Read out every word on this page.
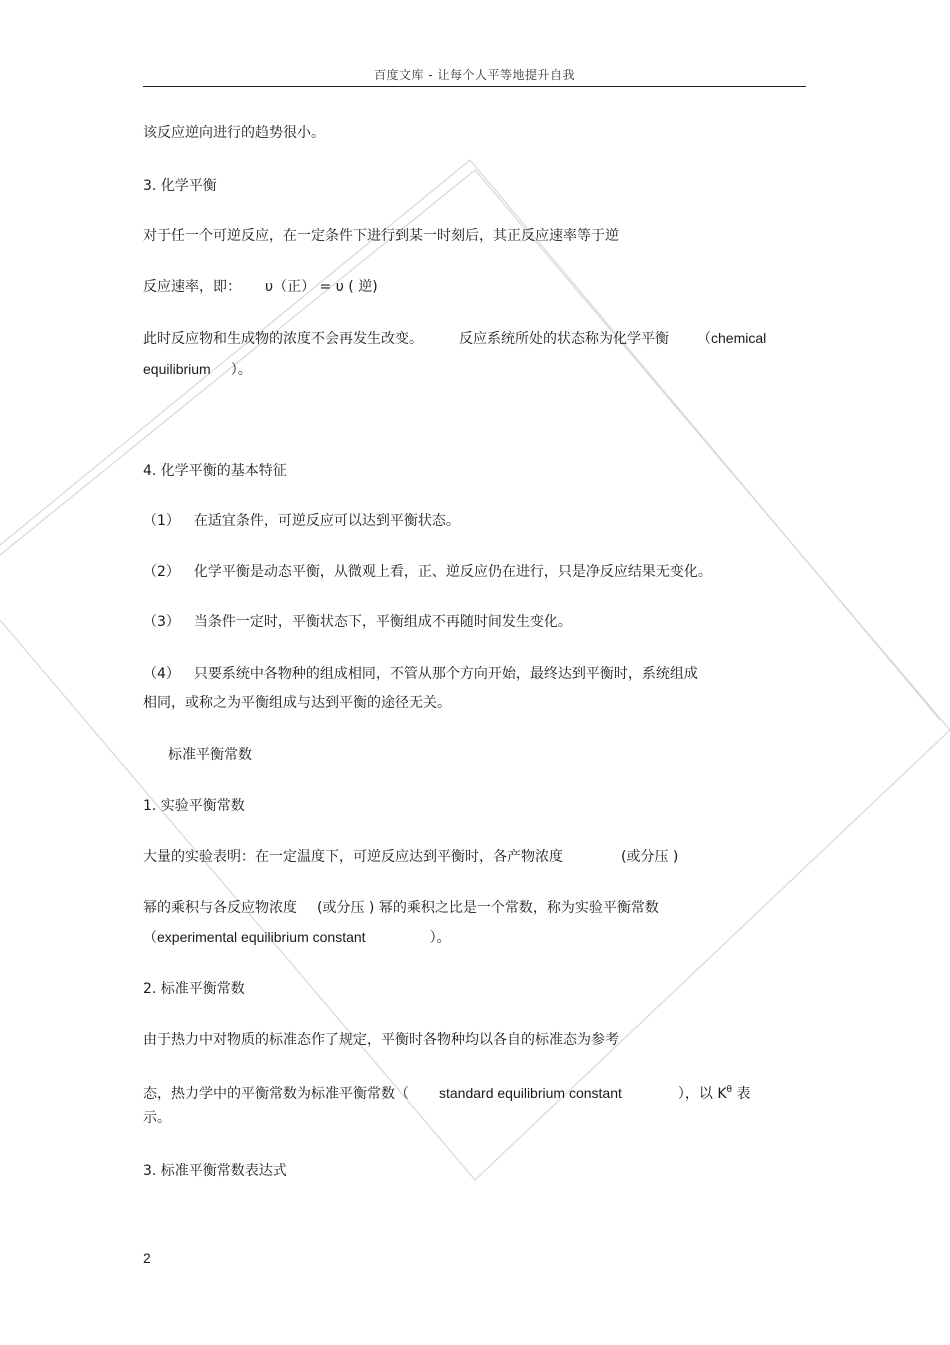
百度文库 - 让每个人平等地提升自我
该反应逆向进行的趋势很小。
3. 化学平衡
对于任一个可逆反应，在一定条件下进行到某一时刻后，其正反应速率等于逆
反应速率，即： υ（正） = υ ( 逆)
此时反应物和生成物的浓度不会再发生改变。	反应系统所处的状态称为化学平衡 （chemical
equilibrium ）。
4. 化学平衡的基本特征
（1） 在适宜条件，可逆反应可以达到平衡状态。
（2） 化学平衡是动态平衡，从微观上看，正、逆反应仍在进行，只是净反应结果无变化。
（3） 当条件一定时，平衡状态下，平衡组成不再随时间发生变化。
（4） 只要系统中各物种的组成相同，不管从那个方向开始，最终达到平衡时，系统组成
相同，或称之为平衡组成与达到平衡的途径无关。
标准平衡常数
1. 实验平衡常数
大量的实验表明：在一定温度下，可逆反应达到平衡时，各产物浓度	(或分压 )
幂的乘积与各反应物浓度 (或分压 ) 幂的乘积之比是一个常数，称为实验平衡常数
（experimental equilibrium constant	）。
2. 标准平衡常数
由于热力中对物质的标准态作了规定，平衡时各物种均以各自的标准态为参考
态，热力学中的平衡常数为标准平衡常数（ standard equilibrium constant	），以 $K^\theta$ 表
示。
3. 标准平衡常数表达式
2
